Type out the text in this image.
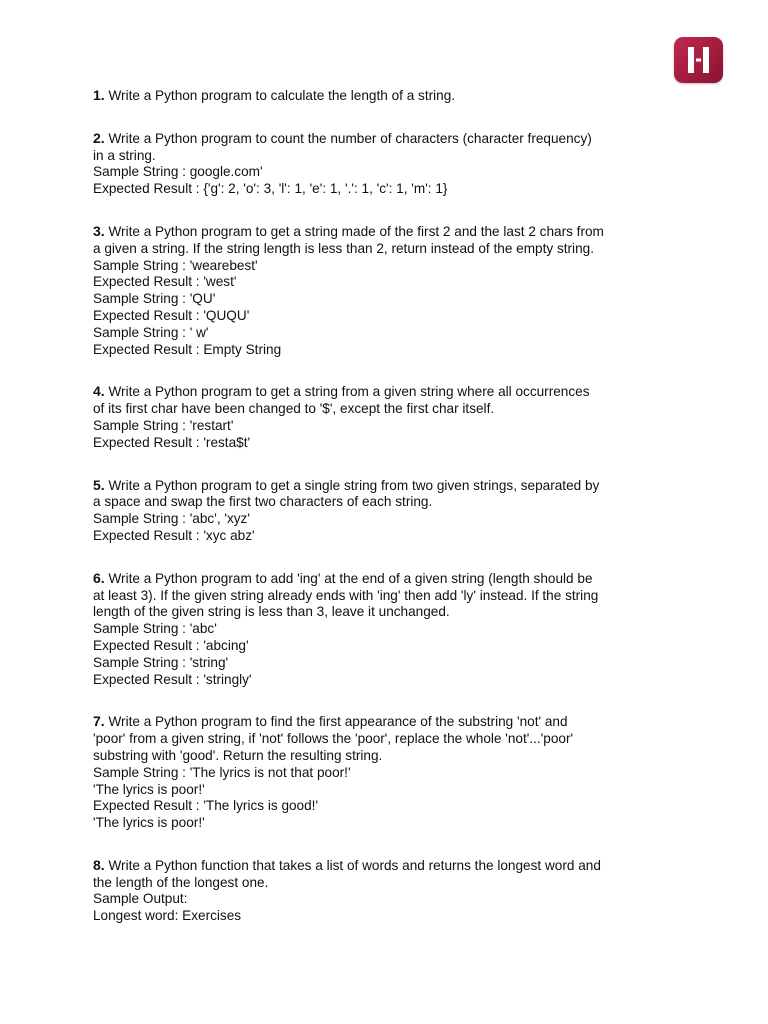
1. Write a Python program to calculate the length of a string.
2. Write a Python program to count the number of characters (character frequency)
in a string.
Sample String : google.com'
Expected Result : {'g': 2, 'o': 3, 'l': 1, 'e': 1, '.': 1, 'c': 1, 'm': 1}
3. Write a Python program to get a string made of the first 2 and the last 2 chars from
a given a string. If the string length is less than 2, return instead of the empty string.
Sample String : 'wearebest'
Expected Result : 'west'
Sample String : 'QU'
Expected Result : 'QUQU'
Sample String : ' w'
Expected Result : Empty String
4. Write a Python program to get a string from a given string where all occurrences
of its first char have been changed to '$', except the first char itself.
Sample String : 'restart'
Expected Result : 'resta$t'
5. Write a Python program to get a single string from two given strings, separated by
a space and swap the first two characters of each string.
Sample String : 'abc', 'xyz'
Expected Result : 'xyc abz'
6. Write a Python program to add 'ing' at the end of a given string (length should be
at least 3). If the given string already ends with 'ing' then add 'ly' instead. If the string
length of the given string is less than 3, leave it unchanged.
Sample String : 'abc'
Expected Result : 'abcing'
Sample String : 'string'
Expected Result : 'stringly'
7. Write a Python program to find the first appearance of the substring 'not' and
'poor' from a given string, if 'not' follows the 'poor', replace the whole 'not'...'poor'
substring with 'good'. Return the resulting string.
Sample String : 'The lyrics is not that poor!'
'The lyrics is poor!'
Expected Result : 'The lyrics is good!'
'The lyrics is poor!'
8. Write a Python function that takes a list of words and returns the longest word and
the length of the longest one.
Sample Output:
Longest word: Exercises
